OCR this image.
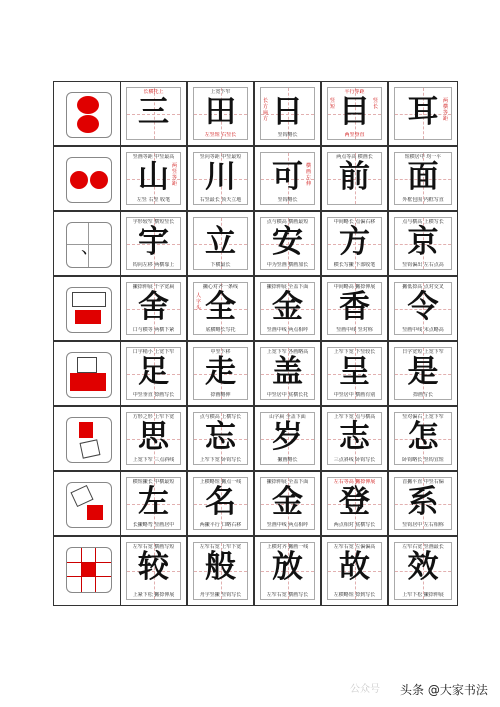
长横托上
三
上宽下窄
田
左竖短 右竖长
长方扁方 日
竖钩略长
平行等距
竖短
竖长
目
两竖垂直
两横等距
耳
竖画等距 中竖最高
两竖等距
山
左竖 右竖 收笔
竖向等距 中竖最短
川
右竖最长 顶天立地
横画左伸
可
竖钩略长
两点等高 横画长
前
短横居中 均一平
面
外框包围 内框写直
、
字形较窄 横短竖长
宇
钩向左移 两横靠上
立
下横最长
点与横高 横画最短
安
中为竖画 横画加长
中间略长 点偏右移
方
横长写撇 下部收笔
点与横高 上横写长
京
竖钩偏出 左右点高
撇捺伸展 千字宽扁
舍
口与横等 两横下紧
撇心对齐一条线
人字头 全
底横略长写托
撇捺伸展 全盖下面
金
竖画中线 两点相呼
中间略高 撇捺伸展
香
竖画中线 竖对称
撇低捺高 点对交叉
令
竖画中线 末点略高
口字稍小 上宽下窄
足
中竖垂直 捺画写长
中竖下移
走
捺画略伸
上宽下窄 各画略高
盖
中竖居中 底横长托
上窄下宽 下竖较长
呈
中竖居中 横画有别
日字宽短 上宽下窄
是
捺画写长
方形之形 上窄下宽
思
上宽下窄 三点斜线
点与横高 上横写长
忘
上窄下宽 卧钩写长
山字扁 全盖下面
岁
撇画略长
上窄下宽 点与横高
志
三点斜线 卧钩写长
竖对偏右 上宽下窄
怎
卧钩略长 竖钩宜短
横短撇长 中横最短
左
长撇略弯 竖画居中
上横略短 撇点一线
名
两撇平行 口略右移
撇捺伸展 全盖下面
金
竖画中线 两点相呼
左右等高 撇捺伸展
登
两点相对 底横写长
首撇平直 中竖右偏
系
竖钩居中 左右相称
左窄右宽 横画写短
较
上紧下松 撇捺伸展
左窄右宽 上窄下宽
般
舟字竖撇 竖钩写长
上横对齐 撇画一线
放
左窄右宽 横画写长
左窄右宽 左偏偏高
故
左横略短 捺到写长
左窄右宽 竖画最长
效
上窄下松 撇捺伸展
公众号 头条 @大家书法
